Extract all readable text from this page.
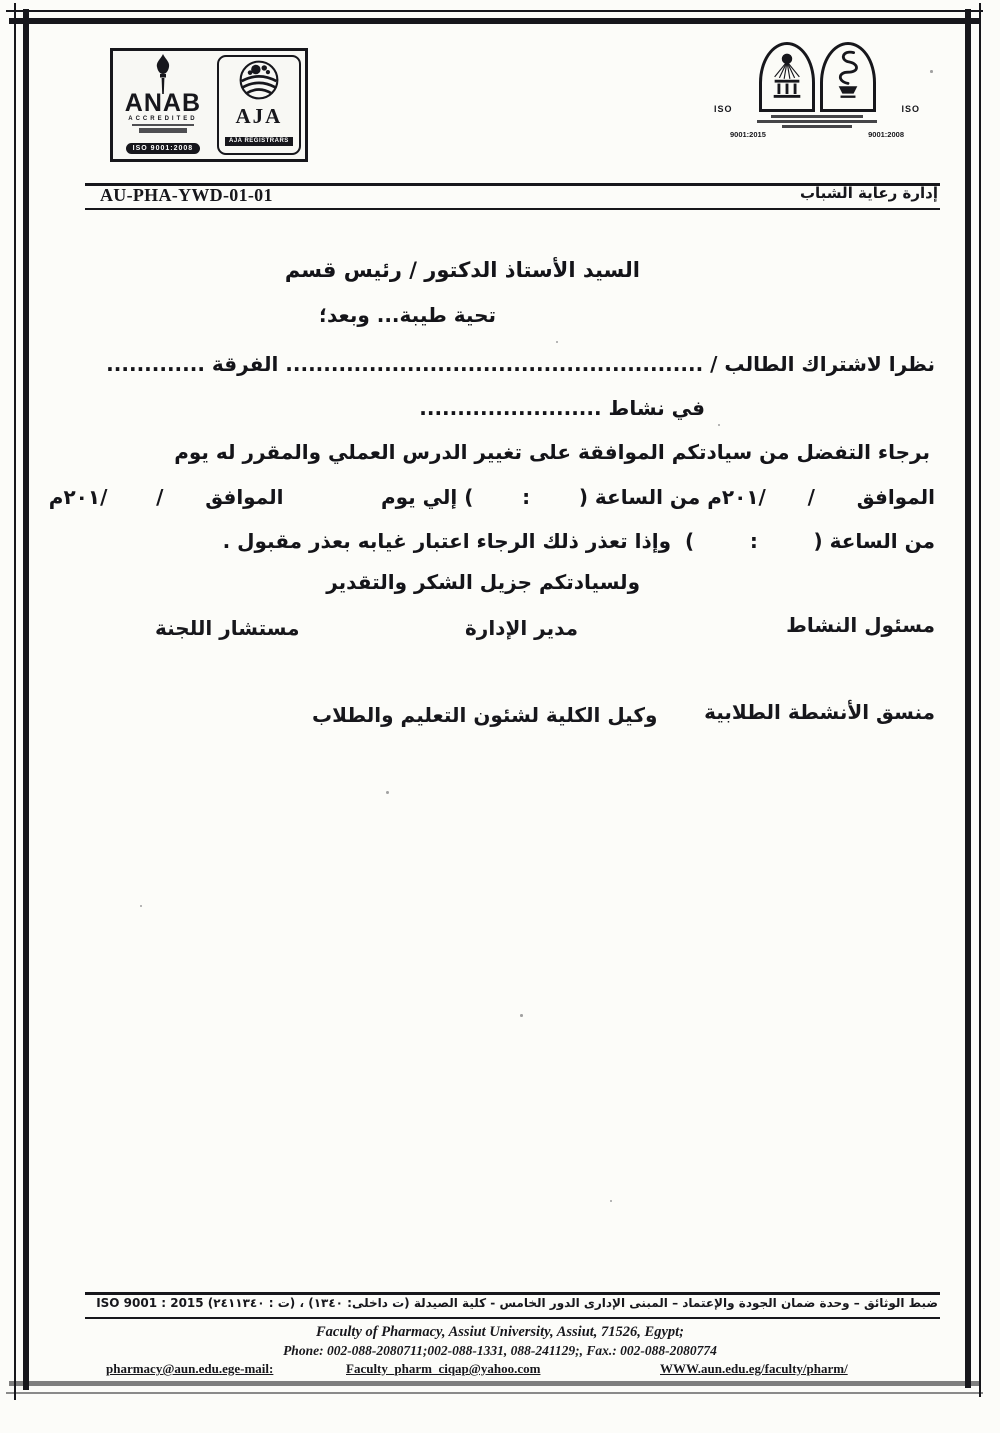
ANAB
ACCREDITED
ISO 9001:2008
AJA
AJA REGISTRARS
ISO	ISO
9001:2015	9001:2008
AU-PHA-YWD-01-01	إدارة رعاية الشباب
السيد الأستاذ الدكتور / رئيس قسم
تحية طيبة... وبعد؛
نظرا لاشتراك الطالب / ....................................................... الفرقة .............
في نشاط ........................
برجاء التفضل من سيادتكم الموافقة على تغيير الدرس العملي والمقرر له يوم
الموافق      /      /٢٠١م من الساعة (       :       ) إلي يوم              الموافق      /       /٢٠١م
من الساعة (        :        )  وإذا تعذر ذلك الرجاء اعتبار غيابه بعذر مقبول .
ولسيادتكم جزيل الشكر والتقدير
مسئول النشاط
مدير الإدارة
مستشار اللجنة
منسق الأنشطة الطلابية
وكيل الكلية لشئون التعليم والطلاب
ضبط الوثائق – وحدة ضمان الجودة والإعتماد – المبنى الإدارى الدور الخامس - كلية الصيدلة (ت داخلى: ١٣٤٠) ، (ت : ٢٤١١٣٤٠) ISO 9001 : 2015
Faculty of Pharmacy, Assiut University, Assiut, 71526, Egypt;
Phone: 002-088-2080711;002-088-1331, 088-241129;, Fax.: 002-088-2080774
pharmacy@aun.edu.ege-mail:	Faculty_pharm_ciqap@yahoo.com	WWW.aun.edu.eg/faculty/pharm/
